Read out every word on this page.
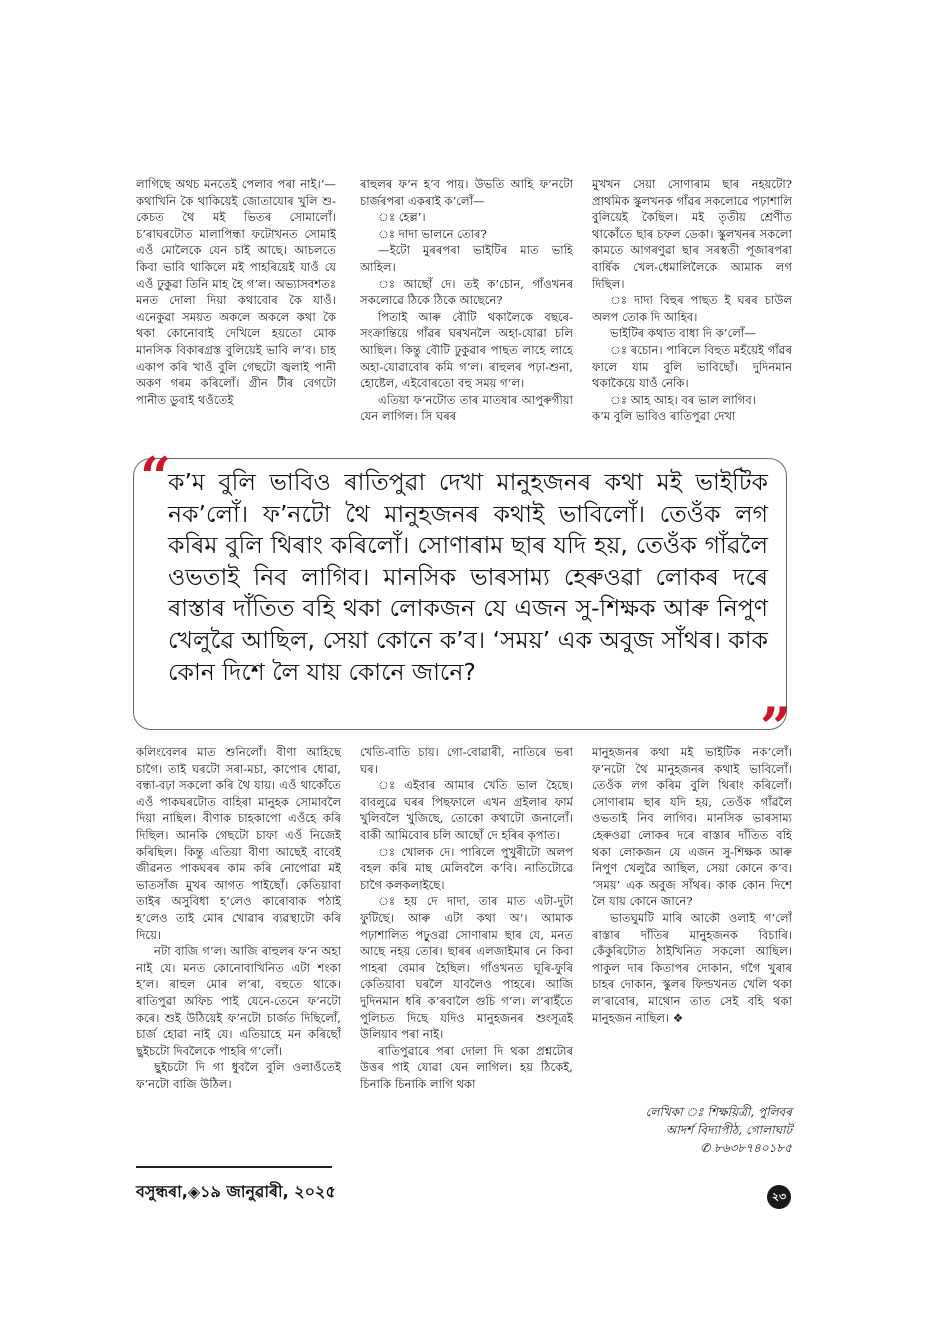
লাগিছে অথচ মনতেই পেলাব পৰা নাই।’— কথাখিনি কৈ থাকিয়েই জোতাযোৰ খুলি শু-কেচত থৈ মই ভিতৰ সোমালোঁ। চ’ৰাঘৰটোত মালাপিন্ধা ফটোখনত সোমাই এওঁ মোলৈকে যেন চাই আছে। আচলতে কিবা ভাবি থাকিলে মই পাহৰিয়েই যাওঁ যে এওঁ ঢুকুৱা তিনি মাহ হৈ গ’ল। অভ্যাসবশতঃ মনত দোলা দিয়া কথাবোৰ কৈ যাওঁ। এনেকুৱা সময়ত অকলে অকলে কথা কৈ থকা কোনোবাই দেখিলে হয়তো মোক মানসিক বিকাৰগ্ৰস্ত বুলিয়েই ভাবি ল’ব। চাহ একাপ কৰি খাওঁ বুলি গেছটো জ্বলাই পানী অকণ গৰম কৰিলোঁ। গ্ৰীন টীৰ বেগটো পানীত ডুবাই থওঁতেই

ৰাহুলৰ ফ’ন হ’ব পায়। উভতি আহি ফ’নটো চাৰ্জৰপৰা একৰাই ক’লোঁ—

ঃ হেল্ল’।

ঃ দাদা ভালনে তোৰ?

—ইটো মুৰৰপৰা ভাইটিৰ মাত ভাহি আহিল।

ঃ আছোঁ দে। তই ক’চোন, গাঁওখনৰ সকলোৱে ঠিকে ঠিকে আছেনে?

পিতাই আৰু বৌটি থকালৈকে বছৰে- সংক্ৰান্তিয়ে গাঁৱৰ ঘৰখনলৈ অহা-যোৱা চলি আছিল। কিন্তু বৌটি ঢুকুৱাৰ পাছত লাহে লাহে অহা-যোৱাবোৰ কমি গ’ল। ৰাহুলৰ পঢ়া-শুনা, হোষ্টেল, এইবোৰতো বহু সময় গ’ল।

এতিয়া ফ’নটোত তাৰ মাতষাৰ আপুৰুগীয়া যেন লাগিল। সি ঘৰৰ

মুখখন সেয়া সোণাৰাম ছাৰ নহয়টো? প্ৰাথমিক স্কুলখনক গাঁৱৰ সকলোৱে পঢ়াশালি বুলিয়েই কৈছিল। মই তৃতীয় শ্ৰেণীত থাকোঁতে ছাৰ চফল ডেকা। স্কুলখনৰ সকলো কামতে আগৰণুৱা ছাৰ সৰস্বতী পূজাৰপৰা বাৰ্ষিক খেল-ধেমালিলৈকে আমাক লগ দিছিল।

ঃ দাদা বিহুৰ পাছত ই ঘৰৰ চাউল অলপ তোক দি আহিব।

ভাইটিৰ কথাত বাধা দি ক’লোঁ—

ঃ ৰচোন। পাৰিলে বিহুত মহঁয়েই গাঁৱৰ ফালে যাম বুলি ভাবিছোঁ। দুদিনমান থকাকৈয়ে যাওঁ নেকি।

ঃ আহ আহ। বৰ ভাল লাগিব।

ক’ম বুলি ভাবিও ৰাতিপুৱা দেখা

ক’ম বুলি ভাবিও ৰাতিপুৱা দেখা মানুহজনৰ কথা মই ভাইটিক নক’লোঁ। ফ’নটো থৈ মানুহজনৰ কথাই ভাবিলোঁ। তেওঁক লগ কৰিম বুলি থিৰাং কৰিলোঁ। সোণাৰাম ছাৰ যদি হয়, তেওঁক গাঁৱলৈ ওভতাই নিব লাগিব। মানসিক ভাৰসাম্য হেৰুওৱা লোকৰ দৰে ৰাস্তাৰ দাঁতিত বহি থকা লোকজন যে এজন সু-শিক্ষক আৰু নিপুণ খেলুৱৈ আছিল, সেয়া কোনে ক’ব। ‘সময়’ এক অবুজ সাঁথৰ। কাক কোন দিশে লৈ যায় কোনে জানে?

“
”

কলিংবেলৰ মাত শুনিলোঁ। বীণা আহিছে চাগৈ। তাই ঘৰটো সৰা-মচা, কাপোৰ ধোৱা, বন্ধা-বঢ়া সকলো কৰি থৈ যায়। এওঁ থাকোঁতে এওঁ পাকঘৰটোত বাহিৰা মানুহক সোমাবলৈ দিয়া নাছিল। বীণাক চাহকাপো এওঁহে কৰি দিছিল। আনকি গেছটো চাফা এওঁ নিজেই কৰিছিল। কিন্তু এতিয়া বীণা আছেই বাবেই জীৱনত পাকঘৰৰ কাম কৰি নোপোৱা মই ভাতসাঁজ মুখৰ আগত পাইছোঁ। কেতিয়াবা তাইৰ অসুবিধা হ’লেও কাৰোবাক পঠাই হ’লেও তাই মোৰ খোৱাৰ ব্যৱস্থাটো কৰি দিয়ে।

নটা বাজি গ’ল। আজি ৰাহুলৰ ফ’ন অহা নাই যে। মনত কোনোবাখিনিত এটা শংকা হ’ল। ৰাহুল মোৰ ল’ৰা, বহুতে থাকে। ৰাতিপুৱা অফিচ পাই যেনে-তেনে ফ’নটো কৰে। শুই উঠিয়েই ফ’নটো চাৰ্জত দিছিলোঁ, চাৰ্জ হোৱা নাই যে। এতিয়াহে মন কৰিছোঁ ছুইচটো দিবলৈকে পাহৰি গ’লোঁ।

ছুইচটো দি গা ধুবলৈ বুলি ওলাওঁতেই ফ’নটো বাজি উঠিল।

খেতি-বাতি চায়। গো-বোৱাৰী, নাতিৰে ভৰা ঘৰ।

ঃ এইবাৰ আমাৰ খেতি ভাল হৈছে। বাবলুৱে ঘৰৰ পিছফালে এখন গ্ৰইলাৰ ফাৰ্ম খুলিবলৈ খুজিছে, তোকো কথাটো জনালোঁ। বাকী আমিবোৰ চলি আছোঁ দে হৰিৰ কৃপাত।

ঃ খোলক দে। পাৰিলে পুখুৰীটো অলপ বহল কৰি মাছ মেলিবলৈ ক’বি। নাতিটোৱে চাগৈ কলকলাইছে।

ঃ হয় দে দাদা, তাৰ মাত এটা-দুটা ফুটিছে। আৰু এটা কথা অ’। আমাক পঢ়াশালিত পঢ়ুওৱা সোণাৰাম ছাৰ যে, মনত আছে নহয় তোৰ। ছাৰৰ এলজাইমাৰ নে কিবা পাহৰা বেমাৰ হৈছিল। গাঁওখনত ঘূৰি-ফুৰি কেতিয়াবা ঘৰলৈ যাবলৈও পাহৰে। আজি দুদিনমান ধৰি ক’ৰবালৈ গুচি গ’ল। ল’ৰাইঁতে পুলিচত দিছে যদিও মানুহজনৰ শুংসূত্ৰই উলিয়াব পৰা নাই।

ৰাতিপুৱাৰে পৰা দোলা দি থকা প্ৰশ্নটোৰ উত্তৰ পাই যোৱা যেন লাগিল। হয় ঠিকেই, চিনাকি চিনাকি লাগি থকা

মানুহজনৰ কথা মই ভাইটিক নক’লোঁ। ফ’নটো থৈ মানুহজনৰ কথাই ভাবিলোঁ। তেওঁক লগ কৰিম বুলি থিৰাং কৰিলোঁ। সোণাৰাম ছাৰ যদি হয়, তেওঁক গাঁৱলৈ ওভতাই নিব লাগিব। মানসিক ভাৰসাম্য হেৰুওৱা লোকৰ দৰে ৰাস্তাৰ দাঁতিত বহি থকা লোকজন যে এজন সু-শিক্ষক আৰু নিপুণ খেলুৱৈ আছিল, সেয়া কোনে ক’ব। ‘সময়’ এক অবুজ সাঁথৰ। কাক কোন দিশে লৈ যায় কোনে জানে?

ভাতঘুমটি মাৰি আকৌ ওলাই গ’লোঁ ৰাস্তাৰ দাঁতিৰ মানুহজনক বিচাৰি। কেঁকুৰিটোত ঠাইখিনিত সকলো আছিল। পাকুল দাৰ কিতাপৰ দোকান, গগৈ খুৰাৰ চাহৰ দোকান, স্কুলৰ ফিল্ডখনত খেলি থকা ল’ৰাবোৰ, মাথোন তাত সেই বহি থকা মানুহজন নাছিল। ❖

লেখিকা ঃ শিক্ষয়িত্ৰী, পুলিবৰ
আদৰ্শ বিদ্যাপীঠ, গোলাঘাট
✆ ৮৬৩৮৭৪০১৮৫
বসুন্ধৰা,◈১৯ জানুৱাৰী, ২০২৫	২৩
